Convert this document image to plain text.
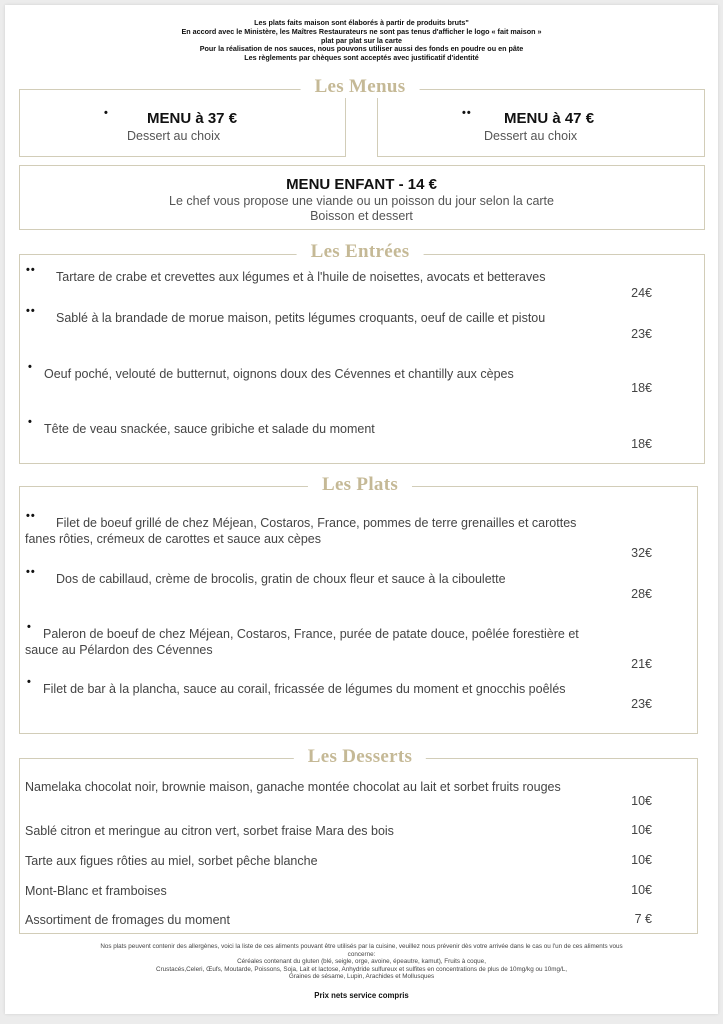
Les plats faits maison sont élaborés à partir de produits bruts"
En accord avec le Ministère, les Maîtres Restaurateurs ne sont pas tenus d'afficher le logo « fait maison »
plat par plat sur la carte
Pour la réalisation de nos sauces, nous pouvons utiliser aussi des fonds en poudre ou en pâte
Les règlements par chèques sont acceptés avec justificatif d'identité
Les Menus
•	MENU à 37 €
Dessert au choix
•• MENU à 47 €
Dessert au choix
MENU ENFANT - 14 €
Le chef vous propose une viande ou un poisson du jour selon la carte
Boisson et dessert
Les Entrées
•• Tartare de crabe et crevettes aux légumes et à l'huile de noisettes, avocats et betteraves
24€
•• Sablé à la brandade de morue maison, petits légumes croquants, oeuf de caille et pistou
23€
• Oeuf poché, velouté de butternut, oignons doux des Cévennes et chantilly aux cèpes
18€
• Tête de veau snackée, sauce gribiche et salade du moment
18€
Les Plats
•• Filet de boeuf grillé de chez Méjean, Costaros, France, pommes de terre grenailles et carottes
fanes rôties, crémeux de carottes et sauce aux cèpes
32€
•• Dos de cabillaud, crème de brocolis, gratin de choux fleur et sauce à la ciboulette
28€
• Paleron de boeuf de chez Méjean, Costaros, France, purée de patate douce, poêlée forestière et
sauce au Pélardon des Cévennes
21€
• Filet de bar à la plancha, sauce au corail, fricassée de légumes du moment et gnocchis poêlés
23€
Les Desserts
Namelaka chocolat noir, brownie maison, ganache montée chocolat au lait et sorbet fruits rouges
10€
Sablé citron et meringue au citron vert, sorbet fraise Mara des bois	10€
Tarte aux figues rôties au miel, sorbet pêche blanche	10€
Mont-Blanc et framboises	10€
Assortiment de fromages du moment	7 €
Nos plats peuvent contenir des allergènes, voici la liste de ces aliments pouvant être utilisés par la cuisine, veuillez nous prévenir dès votre arrivée dans le cas ou l'un de ces aliments vous
concerne:
Céréales contenant du gluten (blé, seigle, orge, avoine, épeautre, kamut), Fruits à coque,
Crustacés,Celeri, Œufs, Moutarde, Poissons, Soja, Lait et lactose, Anhydride sulfureux et sulfites en concentrations de plus de 10mg/kg ou 10mg/L,
Graines de sésame, Lupin, Arachides et Mollusques
Prix nets service compris
